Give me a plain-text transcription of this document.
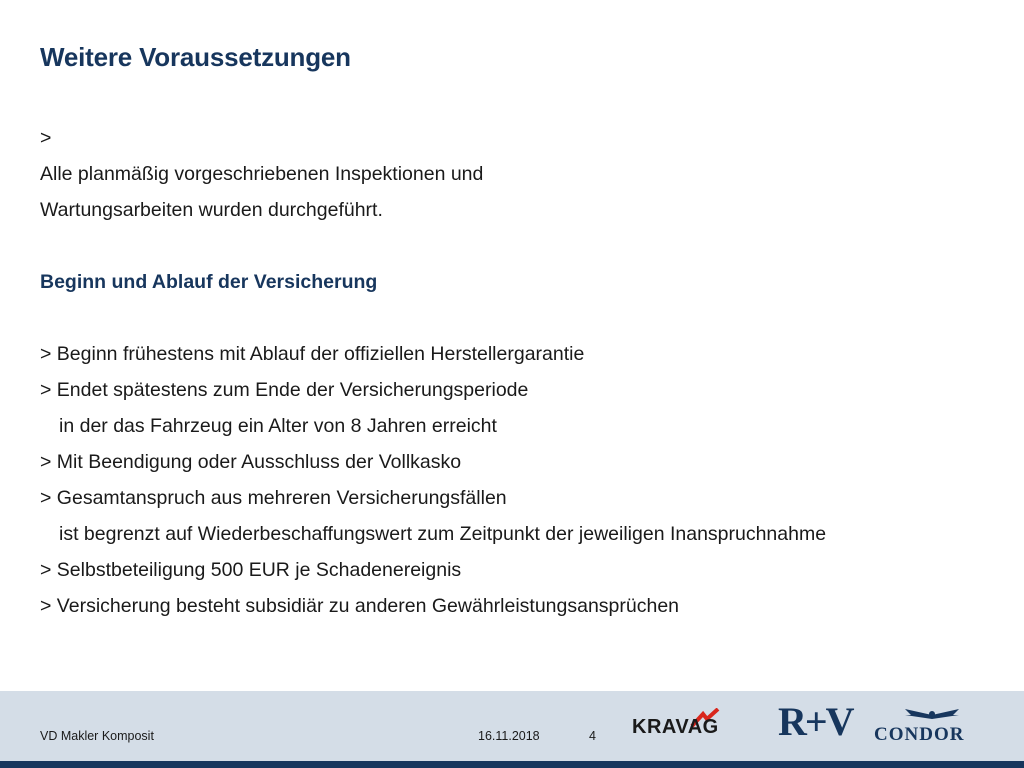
Weitere Voraussetzungen
>
Alle planmäßig vorgeschriebenen Inspektionen und
Wartungsarbeiten wurden durchgeführt.
Beginn und Ablauf der Versicherung
> Beginn frühestens mit Ablauf der offiziellen Herstellergarantie
> Endet spätestens zum Ende der Versicherungsperiode
in der das Fahrzeug ein Alter von 8 Jahren erreicht
> Mit Beendigung oder Ausschluss der Vollkasko
> Gesamtanspruch aus mehreren Versicherungsfällen
ist begrenzt auf Wiederbeschaffungswert zum Zeitpunkt der jeweiligen Inanspruchnahme
> Selbstbeteiligung 500 EUR je Schadenereignis
> Versicherung besteht subsidiär zu anderen Gewährleistungsansprüchen
VD Makler Komposit	16.11.2018	4 KRAVAG R+V CONDOR
